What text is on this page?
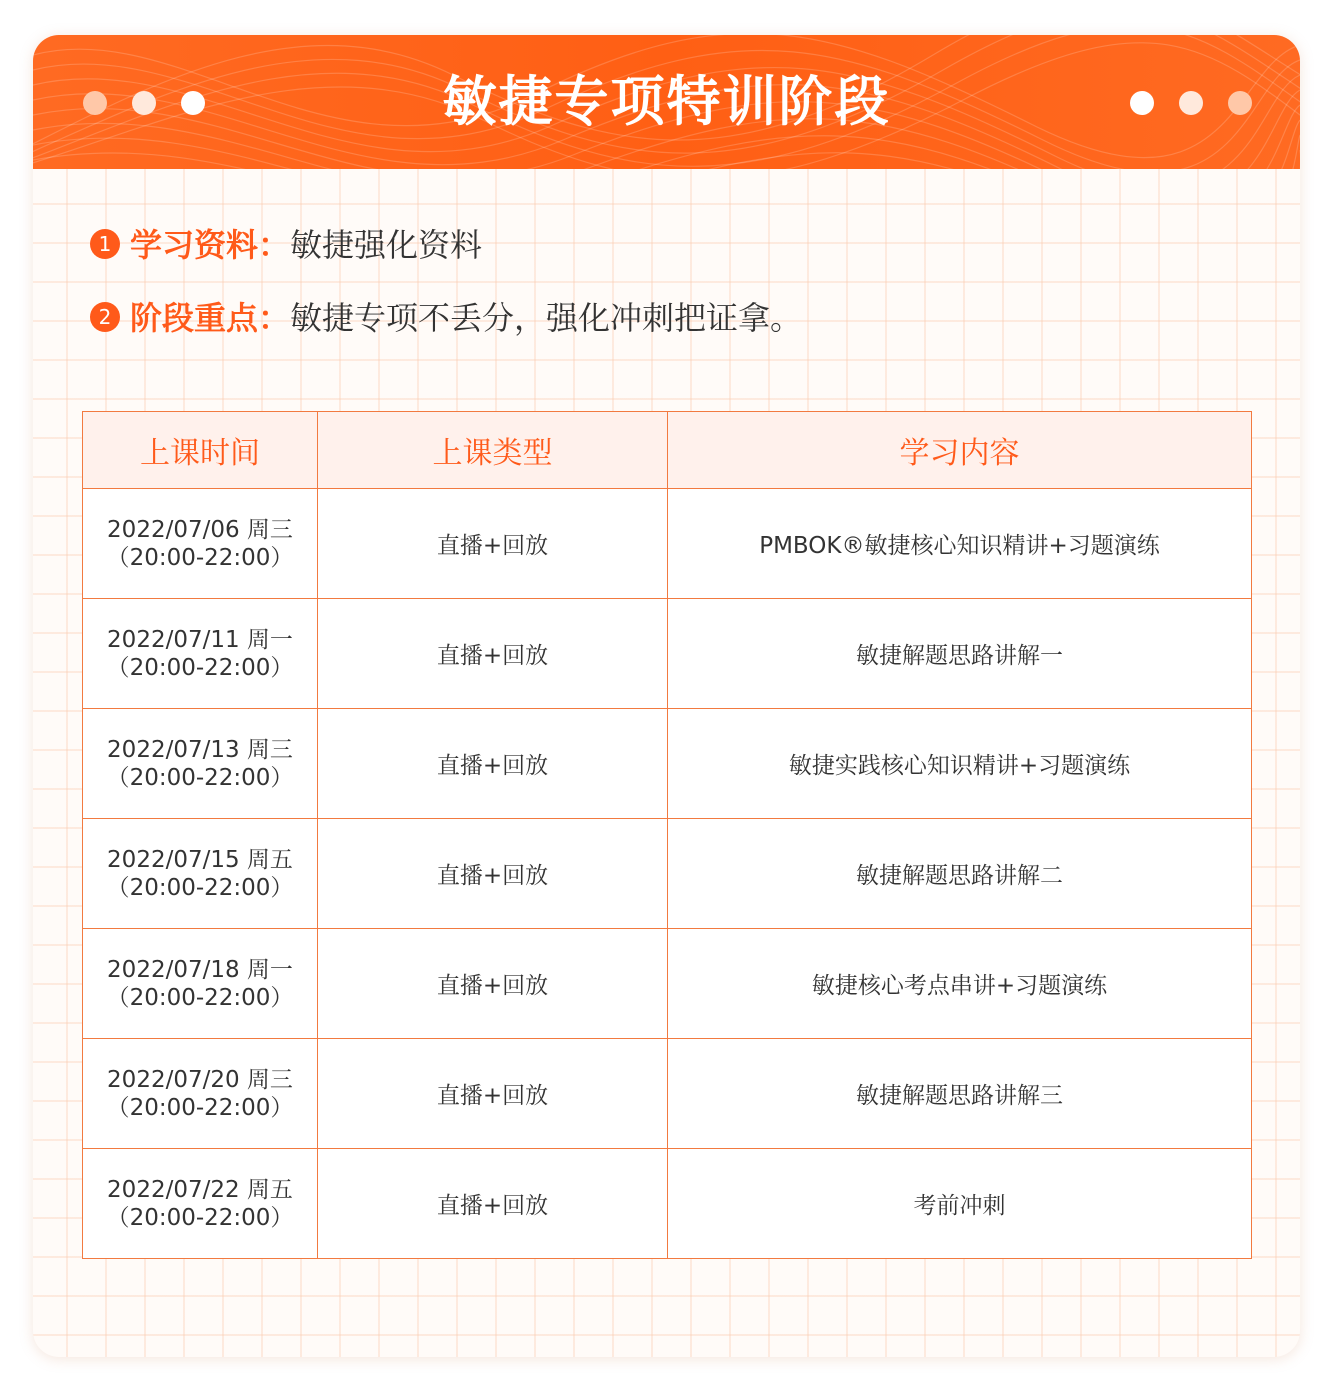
敏捷专项特训阶段
1 学习资料：敏捷强化资料
2 阶段重点：敏捷专项不丢分，强化冲刺把证拿。
上课时间	上课类型	学习内容

2022/07/06 周三
（20:00-22:00）	直播+回放	PMBOK®敏捷核心知识精讲+习题演练

2022/07/11 周一
（20:00-22:00）	直播+回放	敏捷解题思路讲解一

2022/07/13 周三
（20:00-22:00）	直播+回放	敏捷实践核心知识精讲+习题演练

2022/07/15 周五
（20:00-22:00）	直播+回放	敏捷解题思路讲解二

2022/07/18 周一
（20:00-22:00）	直播+回放	敏捷核心考点串讲+习题演练

2022/07/20 周三
（20:00-22:00）	直播+回放	敏捷解题思路讲解三

2022/07/22 周五
（20:00-22:00）	直播+回放	考前冲刺
